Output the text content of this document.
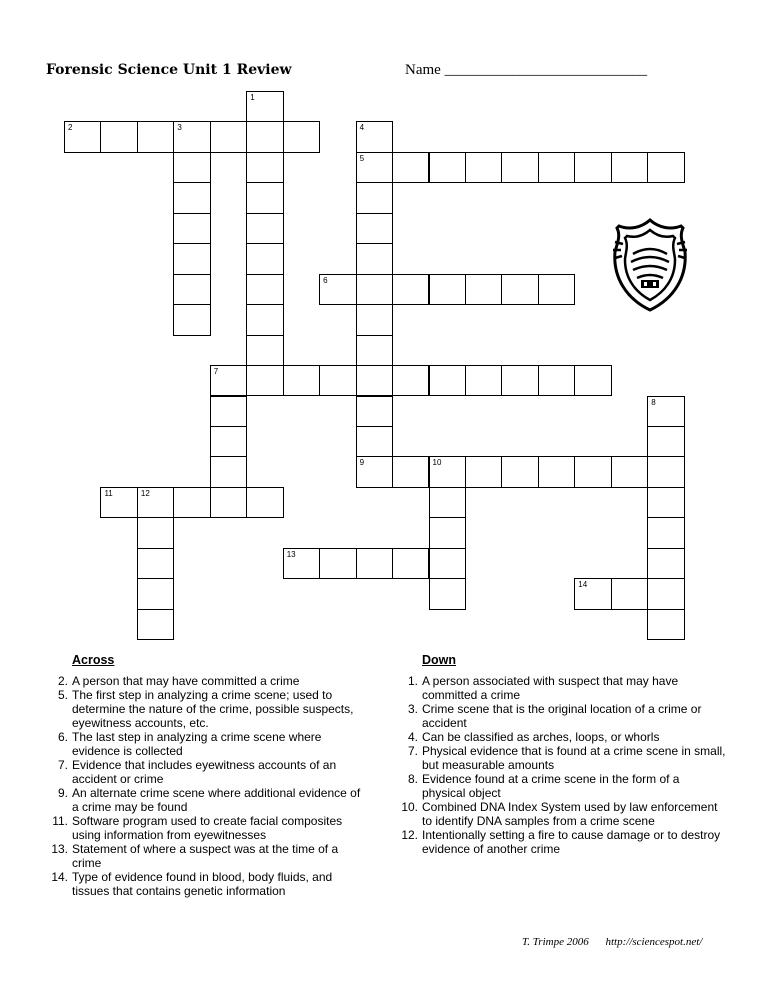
Forensic Science Unit 1 Review	Name ___________________________
2	3
5
6
7
9	10
11	12
13
14
1
4
8
Across
2. A person that may have committed a crime
5. The first step in analyzing a crime scene; used to determine the nature of the crime, possible suspects, eyewitness accounts, etc.
6. The last step in analyzing a crime scene where evidence is collected
7. Evidence that includes eyewitness accounts of an accident or crime
9. An alternate crime scene where additional evidence of a crime may be found
11. Software program used to create facial composites using information from eyewitnesses
13. Statement of where a suspect was at the time of a crime
14. Type of evidence found in blood, body fluids, and tissues that contains genetic information
Down
1. A person associated with suspect that may have committed a crime
3. Crime scene that is the original location of a crime or accident
4. Can be classified as arches, loops, or whorls
7. Physical evidence that is found at a crime scene in small, but measurable amounts
8. Evidence found at a crime scene in the form of a physical object
10. Combined DNA Index System used by law enforcement to identify DNA samples from a crime scene
12. Intentionally setting a fire to cause damage or to destroy evidence of another crime
T. Trimpe 2006 http://sciencespot.net/
